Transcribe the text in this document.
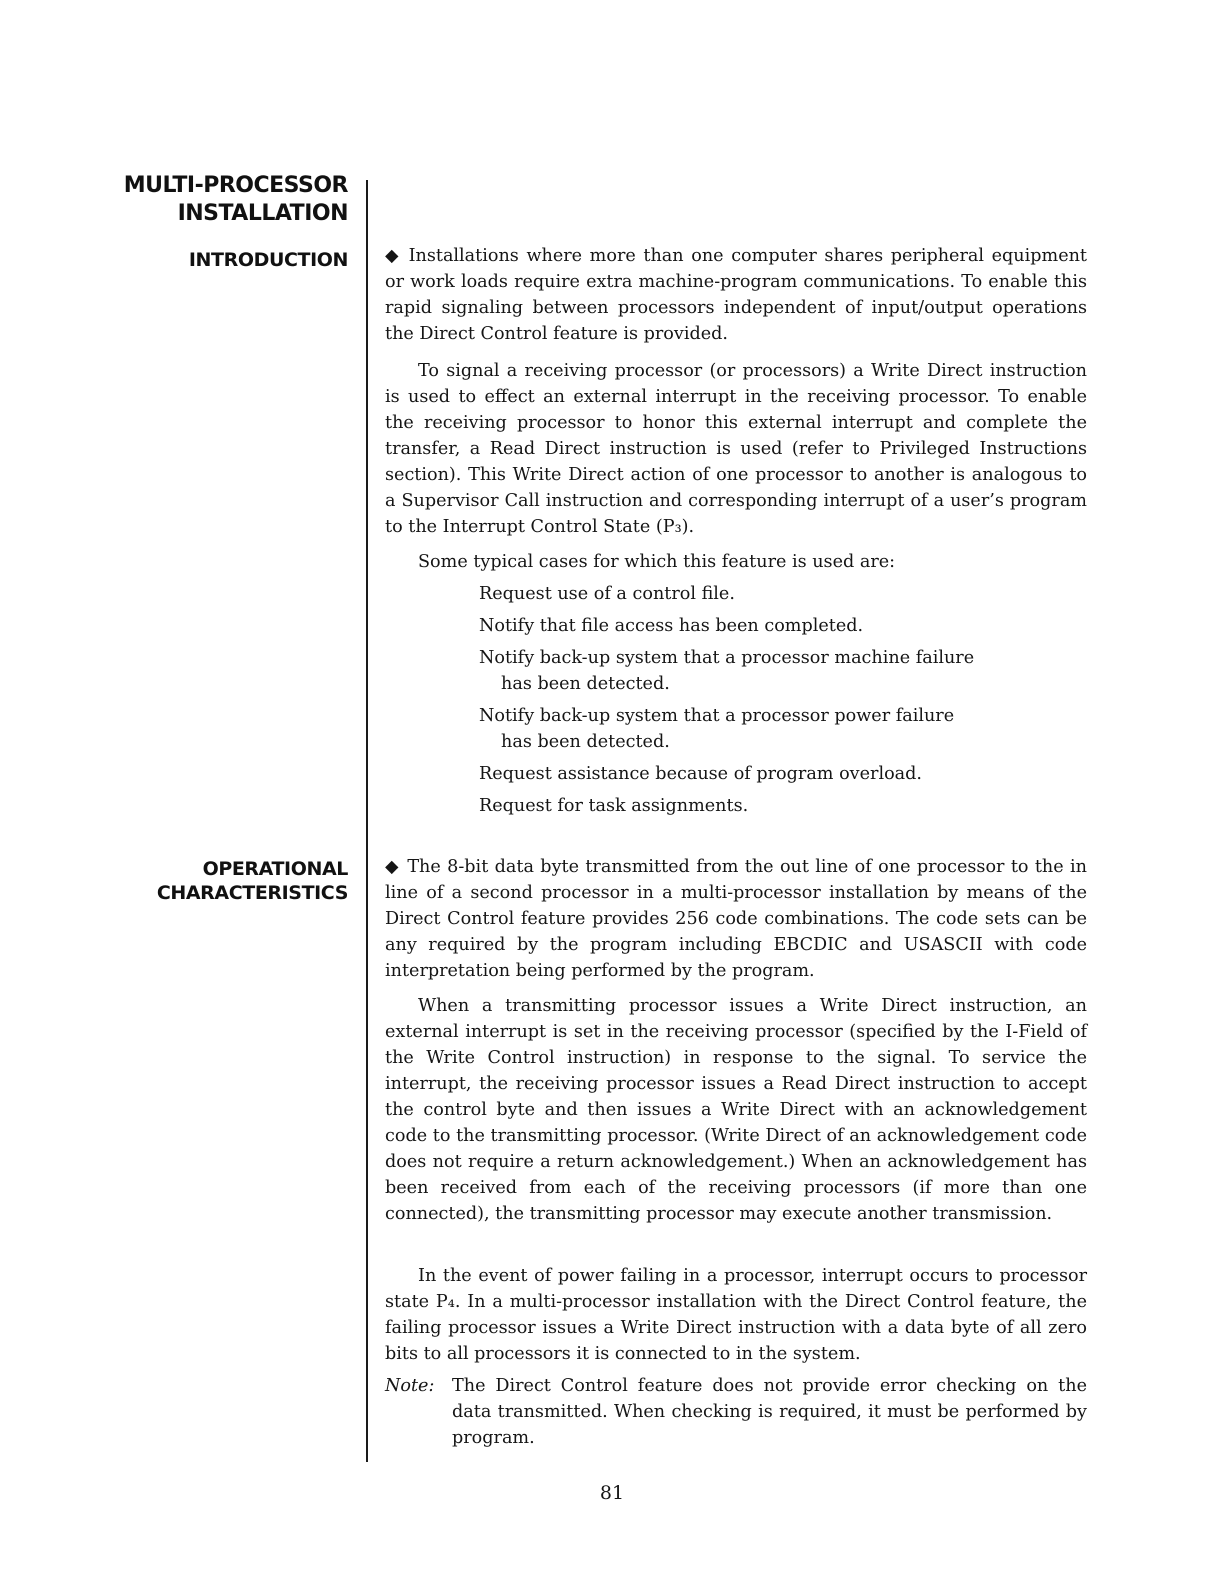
MULTI-PROCESSOR
INSTALLATION
INTRODUCTION
OPERATIONAL
CHARACTERISTICS

◆ Installations where more than one computer shares peripheral equipment or work loads require extra machine-program communications. To enable this rapid signaling between processors independent of input/output operations the Direct Control feature is provided.

To signal a receiving processor (or processors) a Write Direct instruction is used to effect an external interrupt in the receiving processor. To enable the receiving processor to honor this external interrupt and complete the transfer, a Read Direct instruction is used (refer to Privileged Instructions section). This Write Direct action of one processor to another is analogous to a Supervisor Call instruction and corresponding interrupt of a user’s program to the Interrupt Control State (P₃).

Some typical cases for which this feature is used are:

Request use of a control file.
Notify that file access has been completed.
Notify back-up system that a processor machine failure
has been detected.
Notify back-up system that a processor power failure
has been detected.
Request assistance because of program overload.
Request for task assignments.

◆ The 8-bit data byte transmitted from the out line of one processor to the in line of a second processor in a multi-processor installation by means of the Direct Control feature provides 256 code combinations. The code sets can be any required by the program including EBCDIC and USASCII with code interpretation being performed by the program.

When a transmitting processor issues a Write Direct instruction, an external interrupt is set in the receiving processor (specified by the I-Field of the Write Control instruction) in response to the signal. To service the interrupt, the receiving processor issues a Read Direct instruction to accept the control byte and then issues a Write Direct with an acknowledgement code to the transmitting processor. (Write Direct of an acknowledgement code does not require a return acknowledgement.) When an acknowledgement has been received from each of the receiving processors (if more than one connected), the transmitting processor may execute another transmission.

In the event of power failing in a processor, interrupt occurs to processor state P₄. In a multi-processor installation with the Direct Control feature, the failing processor issues a Write Direct instruction with a data byte of all zero bits to all processors it is connected to in the system.

Note: The Direct Control feature does not provide error checking on the data transmitted. When checking is required, it must be performed by program.
81
